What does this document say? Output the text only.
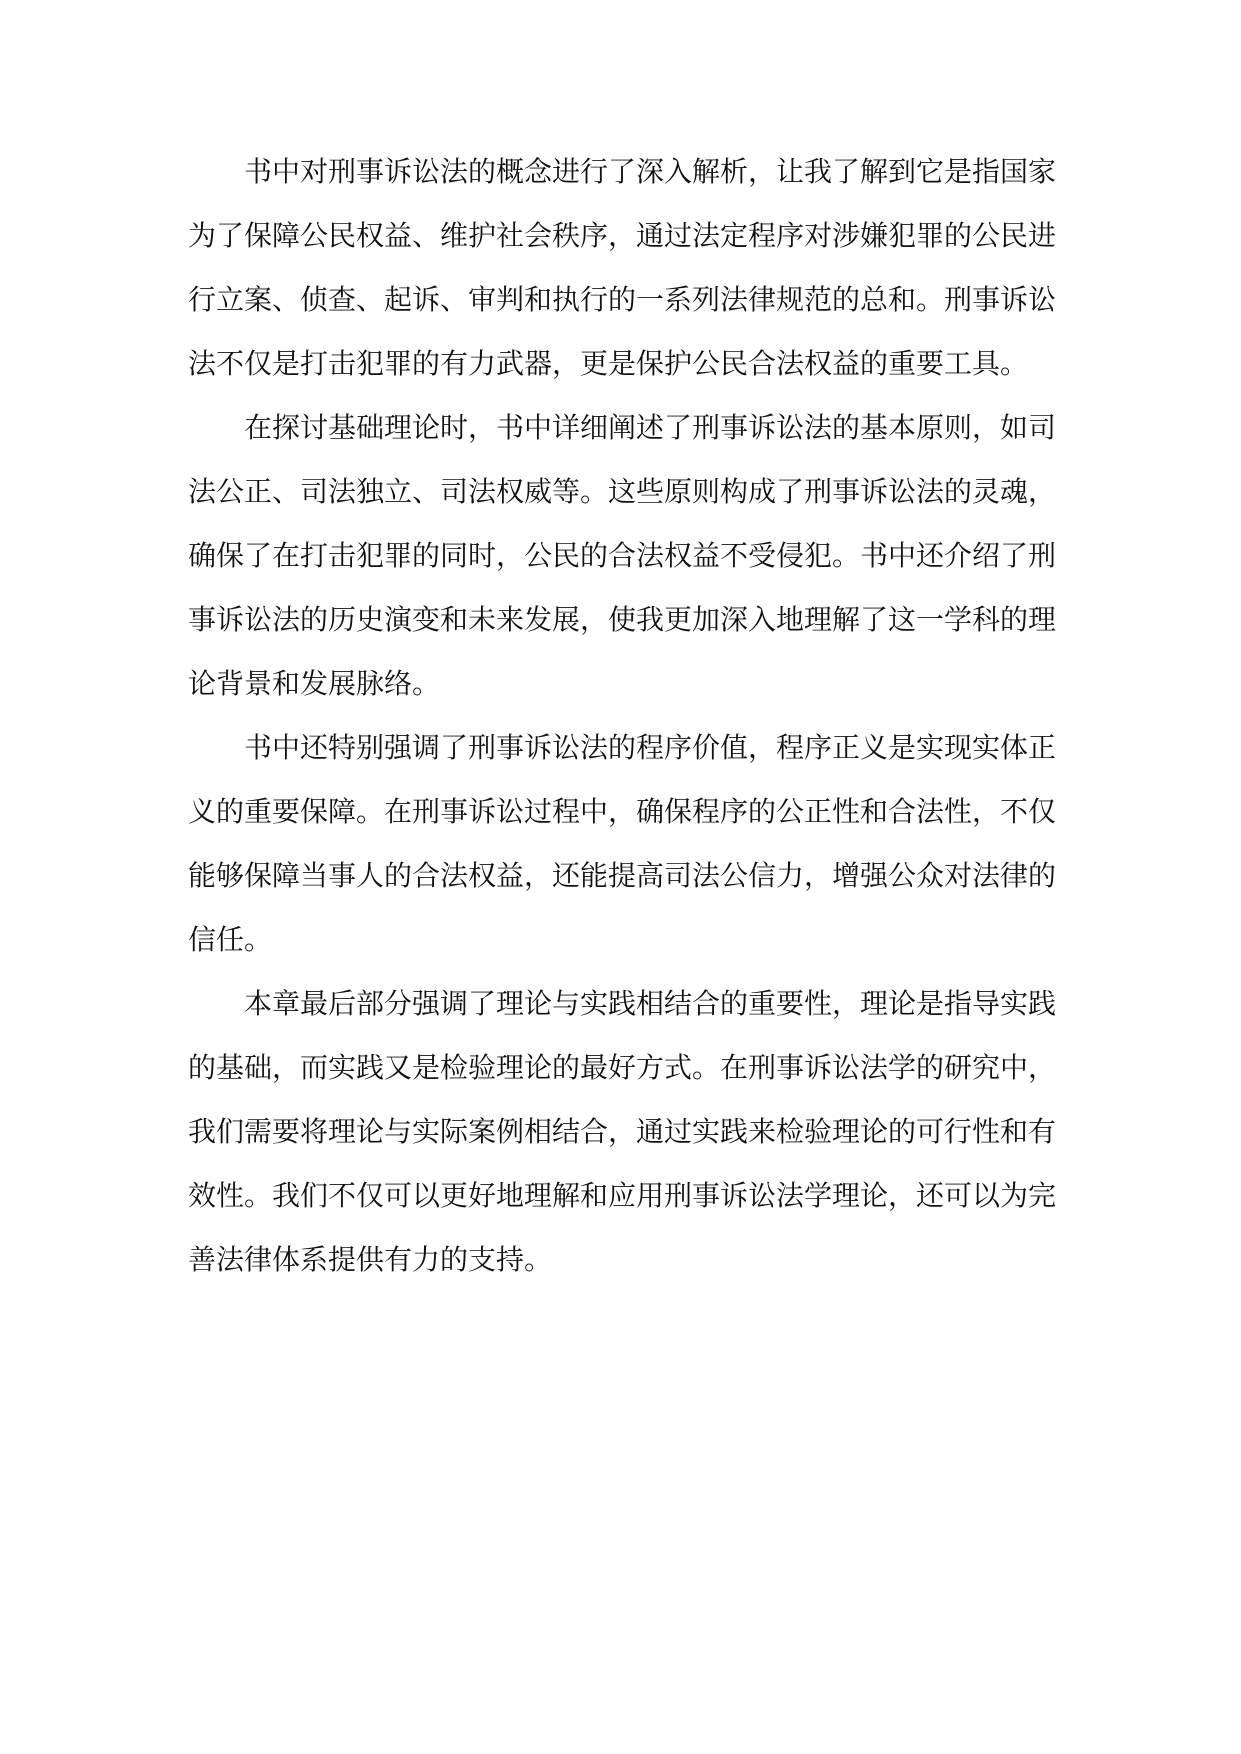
书中对刑事诉讼法的概念进行了深入解析，让我了解到它是指国家为了保障公民权益、维护社会秩序，通过法定程序对涉嫌犯罪的公民进行立案、侦查、起诉、审判和执行的一系列法律规范的总和。刑事诉讼法不仅是打击犯罪的有力武器，更是保护公民合法权益的重要工具。

在探讨基础理论时，书中详细阐述了刑事诉讼法的基本原则，如司法公正、司法独立、司法权威等。这些原则构成了刑事诉讼法的灵魂，确保了在打击犯罪的同时，公民的合法权益不受侵犯。书中还介绍了刑事诉讼法的历史演变和未来发展，使我更加深入地理解了这一学科的理论背景和发展脉络。

书中还特别强调了刑事诉讼法的程序价值，程序正义是实现实体正义的重要保障。在刑事诉讼过程中，确保程序的公正性和合法性，不仅能够保障当事人的合法权益，还能提高司法公信力，增强公众对法律的信任。

本章最后部分强调了理论与实践相结合的重要性，理论是指导实践的基础，而实践又是检验理论的最好方式。在刑事诉讼法学的研究中，我们需要将理论与实际案例相结合，通过实践来检验理论的可行性和有效性。我们不仅可以更好地理解和应用刑事诉讼法学理论，还可以为完善法律体系提供有力的支持。
